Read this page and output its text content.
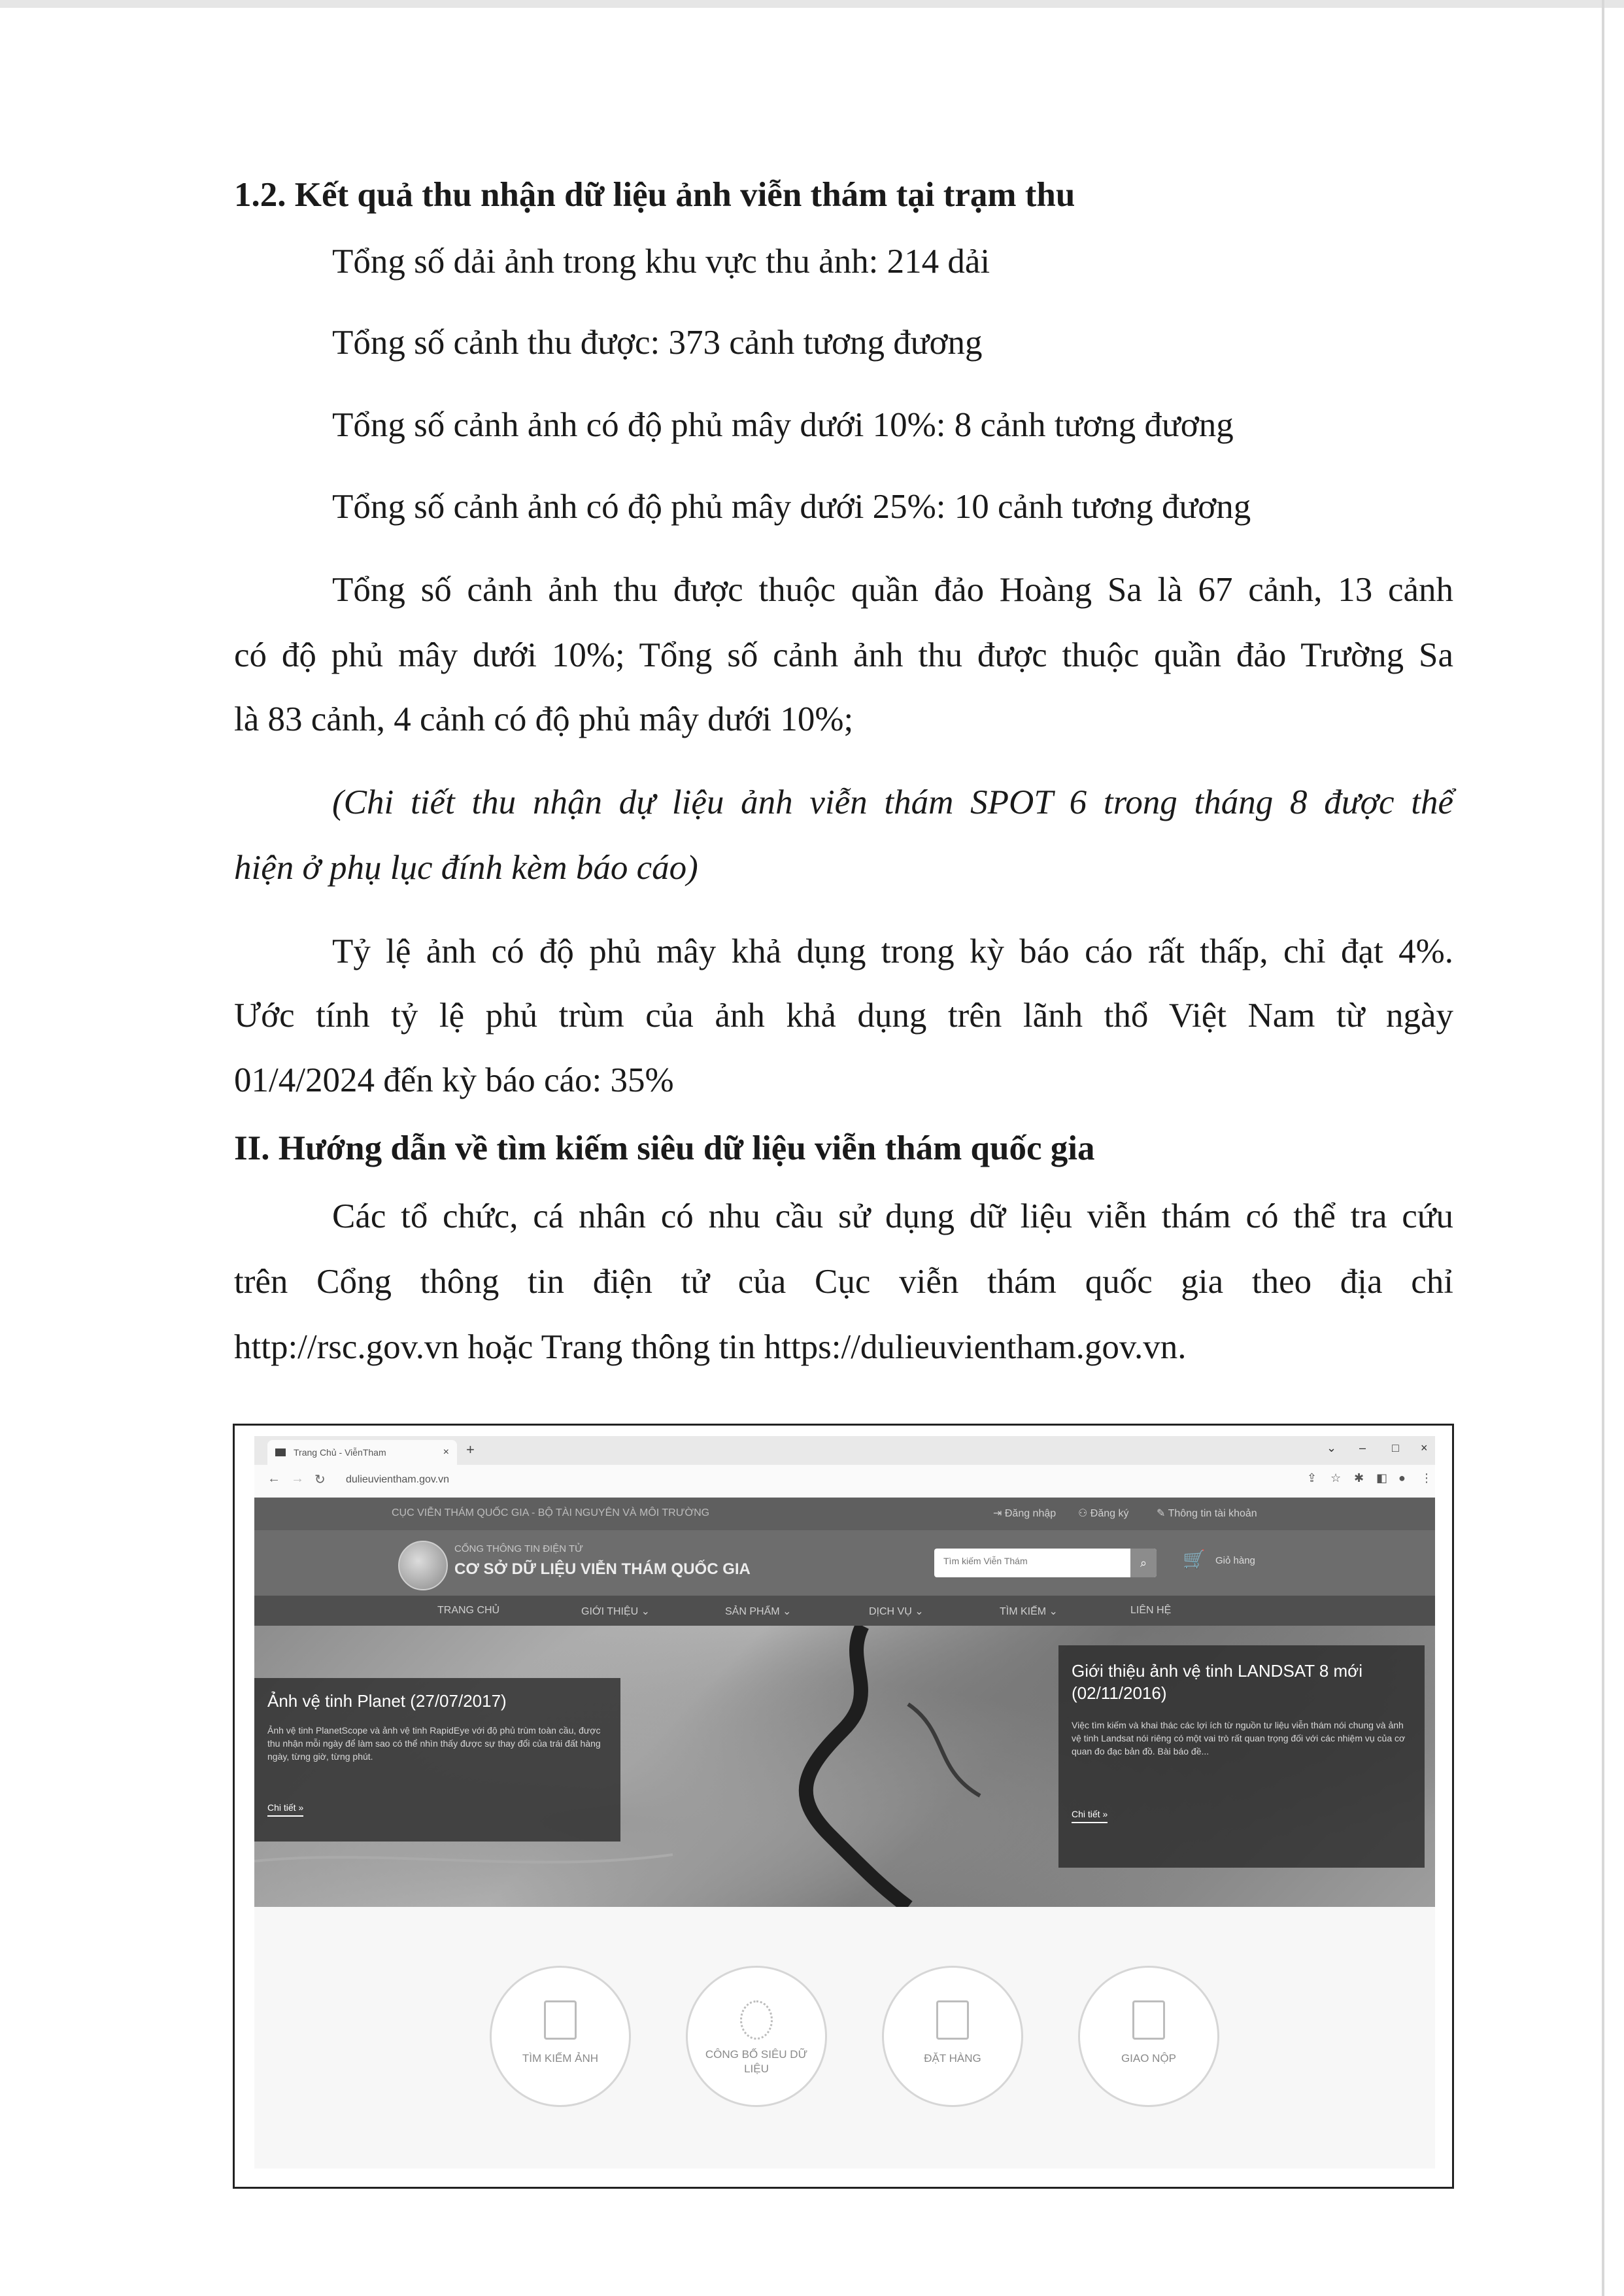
1.2. Kết quả thu nhận dữ liệu ảnh viễn thám tại trạm thu
Tổng số dải ảnh trong khu vực thu ảnh: 214 dải
Tổng số cảnh thu được: 373 cảnh tương đương
Tổng số cảnh ảnh có độ phủ mây dưới 10%: 8 cảnh tương đương
Tổng số cảnh ảnh có độ phủ mây dưới 25%: 10 cảnh tương đương
Tổng số cảnh ảnh thu được thuộc quần đảo Hoàng Sa là 67 cảnh, 13 cảnh
có độ phủ mây dưới 10%; Tổng số cảnh ảnh thu được thuộc quần đảo Trường Sa
là 83 cảnh, 4 cảnh có độ phủ mây dưới 10%;
(Chi tiết thu nhận dự liệu ảnh viễn thám SPOT 6 trong tháng 8 được thể
hiện ở phụ lục đính kèm báo cáo)
Tỷ lệ ảnh có độ phủ mây khả dụng trong kỳ báo cáo rất thấp, chỉ đạt 4%.
Ước tính tỷ lệ phủ trùm của ảnh khả dụng trên lãnh thổ Việt Nam từ ngày
01/4/2024 đến kỳ báo cáo: 35%
II. Hướng dẫn về tìm kiếm siêu dữ liệu viễn thám quốc gia
Các tổ chức, cá nhân có nhu cầu sử dụng dữ liệu viễn thám có thể tra cứu
trên Cổng thông tin điện tử của Cục viễn thám quốc gia theo địa chỉ
http://rsc.gov.vn hoặc Trang thông tin https://dulieuvientham.gov.vn.
Trang Chủ - ViễnTham	× +	⌄ – □ ×
← → ↻ dulieuvientham.gov.vn	⇪ ☆ ✱ ◧ ● ⋮
CỤC VIỄN THÁM QUỐC GIA - BỘ TÀI NGUYÊN VÀ MÔI TRƯỜNG	⇥ Đăng nhập ⚇ Đăng ký	✎ Thông tin tài khoản
CỔNG THÔNG TIN ĐIỆN TỬ
CƠ SỞ DỮ LIỆU VIỄN THÁM QUỐC GIA
Tìm kiếm Viễn Thám	⌕	🛒 Giỏ hàng
TRANG CHỦ	GIỚI THIỆU ⌄	SẢN PHẨM ⌄	DỊCH VỤ ⌄	TÌM KIẾM ⌄	LIÊN HỆ
Ảnh vệ tinh Planet (27/07/2017)
Ảnh vệ tinh PlanetScope và ảnh vệ tinh RapidEye với độ phủ trùm toàn cầu, được thu nhận mỗi ngày để làm sao có thể nhìn thấy được sự thay đổi của trái đất hàng ngày, từng giờ, từng phút.
Chi tiết »
Giới thiệu ảnh vệ tinh LANDSAT 8 mới (02/11/2016)
Việc tìm kiếm và khai thác các lợi ích từ nguồn tư liệu viễn thám nói chung và ảnh vệ tinh Landsat nói riêng có một vai trò rất quan trọng đối với các nhiệm vụ của cơ quan đo đạc bản đồ. Bài báo đề...
Chi tiết »
TÌM KIẾM ẢNH	CÔNG BỐ SIÊU DỮ LIỆU
ĐẶT HÀNG	GIAO NỘP
